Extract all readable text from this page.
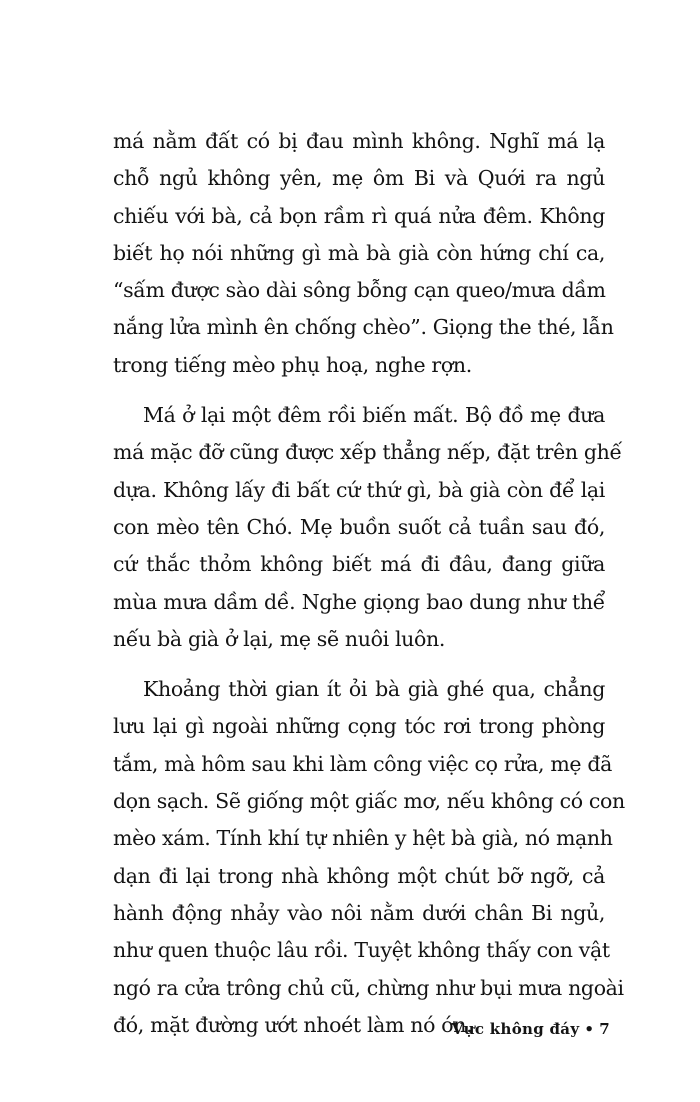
má nằm đất có bị đau mình không. Nghĩ má lạ
chỗ ngủ không yên, mẹ ôm Bi và Quới ra ngủ
chiếu với bà, cả bọn rầm rì quá nửa đêm. Không
biết họ nói những gì mà bà già còn hứng chí ca,
“sấm được sào dài sông bỗng cạn queo/mưa dầm
nắng lửa mình ên chống chèo”. Giọng the thé, lẫn
trong tiếng mèo phụ hoạ, nghe rợn.
Má ở lại một đêm rồi biến mất. Bộ đồ mẹ đưa
má mặc đỡ cũng được xếp thẳng nếp, đặt trên ghế
dựa. Không lấy đi bất cứ thứ gì, bà già còn để lại
con mèo tên Chó. Mẹ buồn suốt cả tuần sau đó,
cứ thắc thỏm không biết má đi đâu, đang giữa
mùa mưa dầm dề. Nghe giọng bao dung như thể
nếu bà già ở lại, mẹ sẽ nuôi luôn.
Khoảng thời gian ít ỏi bà già ghé qua, chẳng
lưu lại gì ngoài những cọng tóc rơi trong phòng
tắm, mà hôm sau khi làm công việc cọ rửa, mẹ đã
dọn sạch. Sẽ giống một giấc mơ, nếu không có con
mèo xám. Tính khí tự nhiên y hệt bà già, nó mạnh
dạn đi lại trong nhà không một chút bỡ ngỡ, cả
hành động nhảy vào nôi nằm dưới chân Bi ngủ,
như quen thuộc lâu rồi. Tuyệt không thấy con vật
ngó ra cửa trông chủ cũ, chừng như bụi mưa ngoài
đó, mặt đường ướt nhoét làm nó ớn.
Vực không đáy • 7
